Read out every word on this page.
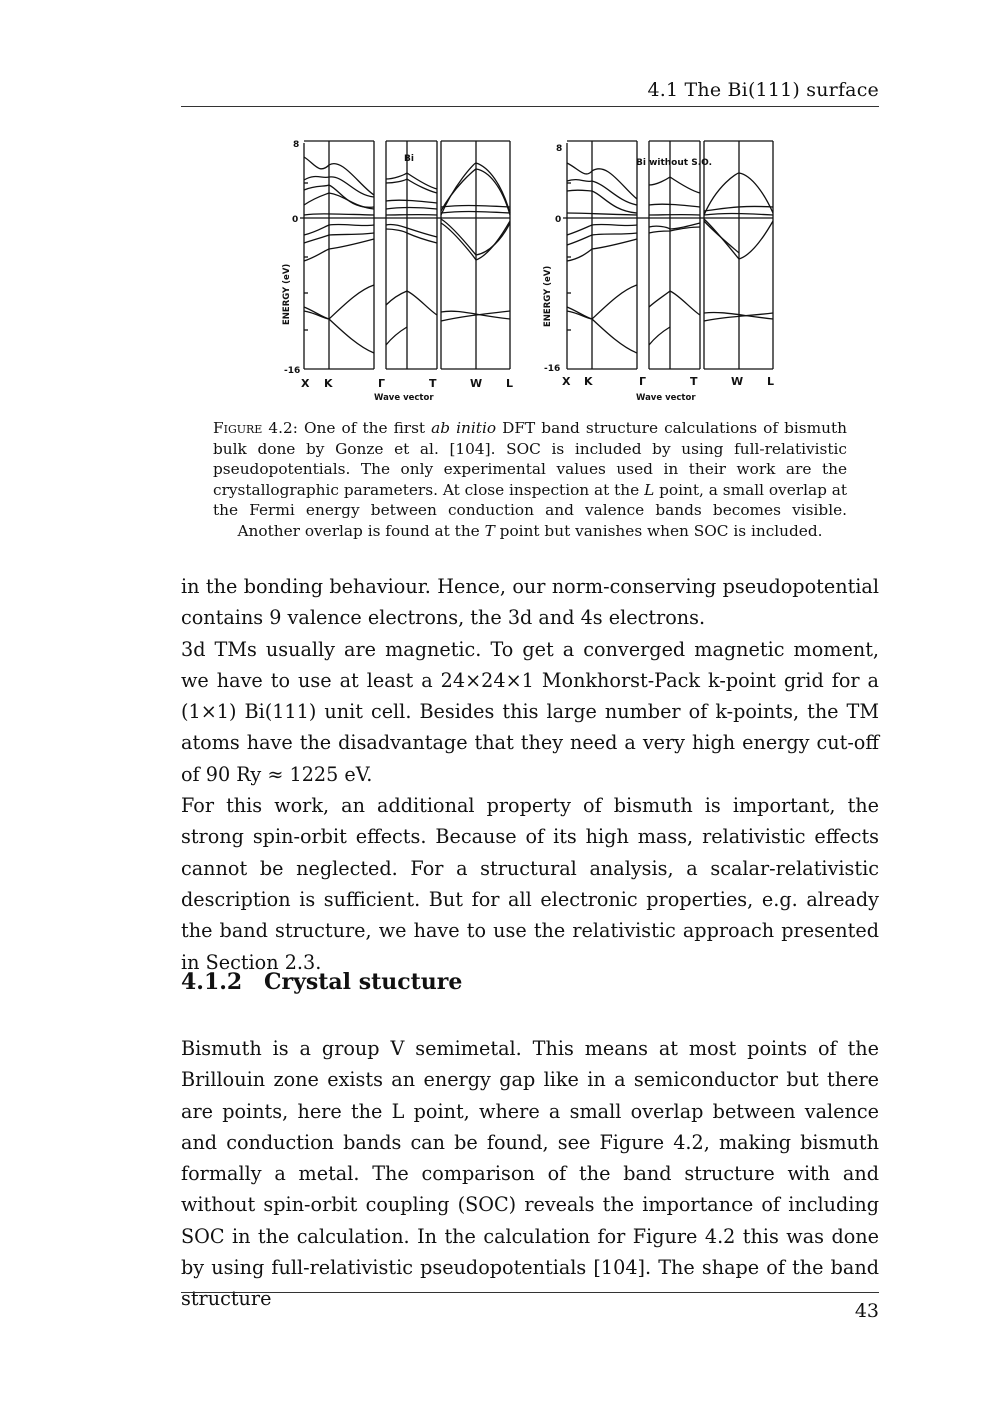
4.1 The Bi(111) surface
8
0
-16
ENERGY (eV)
Bi
X K	Γ	T	W L
Wave vector
8
0
-16
ENERGY (eV)
Bi without S.O.
X K	Γ	T	W L
Wave vector
Figure 4.2: One of the first ab initio DFT band structure calculations of bismuth bulk done by Gonze et al. [104]. SOC is included by using full-relativistic pseudopotentials. The only experimental values used in their work are the crystallographic parameters. At close inspection at the L point, a small overlap at the Fermi energy between conduction and valence bands becomes visible. Another overlap is found at the T point but vanishes when SOC is included.

in the bonding behaviour. Hence, our norm-conserving pseudopotential contains 9 valence electrons, the 3d and 4s electrons.

3d TMs usually are magnetic. To get a converged magnetic moment, we have to use at least a 24×24×1 Monkhorst-Pack k-point grid for a (1×1) Bi(111) unit cell. Besides this large number of k-points, the TM atoms have the disadvantage that they need a very high energy cut-off of 90 Ry ≈ 1225 eV.

For this work, an additional property of bismuth is important, the strong spin-orbit effects. Because of its high mass, relativistic effects cannot be neglected. For a structural analysis, a scalar-relativistic description is sufficient. But for all electronic properties, e.g. already the band structure, we have to use the relativistic approach presented in Section 2.3.

4.1.2 Crystal stucture

Bismuth is a group V semimetal. This means at most points of the Brillouin zone exists an energy gap like in a semiconductor but there are points, here the L point, where a small overlap between valence and conduction bands can be found, see Figure 4.2, making bismuth formally a metal. The comparison of the band structure with and without spin-orbit coupling (SOC) reveals the importance of including SOC in the calculation. In the calculation for Figure 4.2 this was done by using full-relativistic pseudopotentials [104]. The shape of the band structure

43
